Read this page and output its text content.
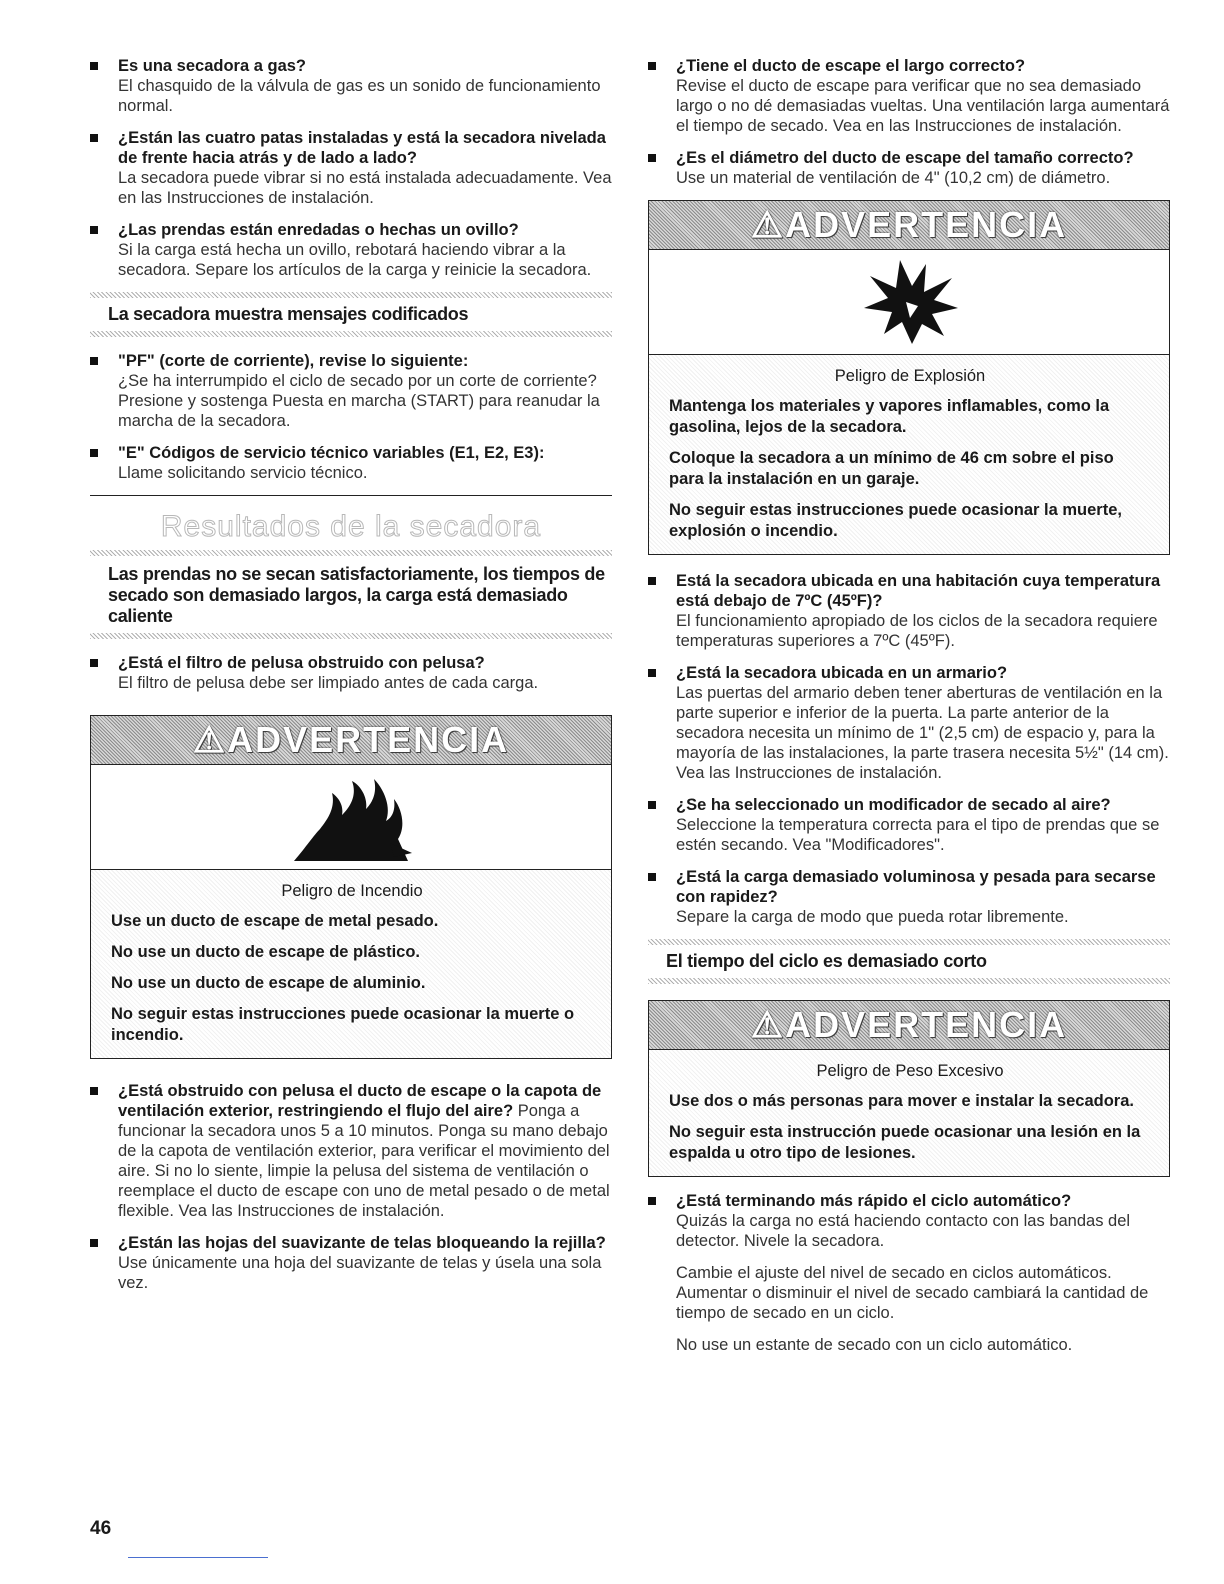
Es una secadora a gas?
El chasquido de la válvula de gas es un sonido de funcionamiento normal.
¿Están las cuatro patas instaladas y está la secadora nivelada de frente hacia atrás y de lado a lado?
La secadora puede vibrar si no está instalada adecuadamente. Vea en las Instrucciones de instalación.
¿Las prendas están enredadas o hechas un ovillo?
Si la carga está hecha un ovillo, rebotará haciendo vibrar a la secadora. Separe los artículos de la carga y reinicie la secadora.
La secadora muestra mensajes codificados
"PF" (corte de corriente), revise lo siguiente:
¿Se ha interrumpido el ciclo de secado por un corte de corriente? Presione y sostenga Puesta en marcha (START) para reanudar la marcha de la secadora.
"E" Códigos de servicio técnico variables (E1, E2, E3):
Llame solicitando servicio técnico.
Resultados de la secadora
Las prendas no se secan satisfactoriamente, los tiempos de secado son demasiado largos, la carga está demasiado caliente
¿Está el filtro de pelusa obstruido con pelusa?
El filtro de pelusa debe ser limpiado antes de cada carga.
⚠ADVERTENCIA
Peligro de Incendio
Use un ducto de escape de metal pesado.
No use un ducto de escape de plástico.
No use un ducto de escape de aluminio.
No seguir estas instrucciones puede ocasionar la muerte o incendio.
¿Está obstruido con pelusa el ducto de escape o la capota de ventilación exterior, restringiendo el flujo del aire? Ponga a funcionar la secadora unos 5 a 10 minutos. Ponga su mano debajo de la capota de ventilación exterior, para verificar el movimiento del aire. Si no lo siente, limpie la pelusa del sistema de ventilación o reemplace el ducto de escape con uno de metal pesado o de metal flexible. Vea las Instrucciones de instalación.
¿Están las hojas del suavizante de telas bloqueando la rejilla?
Use únicamente una hoja del suavizante de telas y úsela una sola vez.
¿Tiene el ducto de escape el largo correcto?
Revise el ducto de escape para verificar que no sea demasiado largo o no dé demasiadas vueltas. Una ventilación larga aumentará el tiempo de secado. Vea en las Instrucciones de instalación.
¿Es el diámetro del ducto de escape del tamaño correcto?
Use un material de ventilación de 4" (10,2 cm) de diámetro.
⚠ADVERTENCIA
Peligro de Explosión
Mantenga los materiales y vapores inflamables, como la gasolina, lejos de la secadora.
Coloque la secadora a un mínimo de 46 cm sobre el piso para la instalación en un garaje.
No seguir estas instrucciones puede ocasionar la muerte, explosión o incendio.
Está la secadora ubicada en una habitación cuya temperatura está debajo de 7ºC (45ºF)?
El funcionamiento apropiado de los ciclos de la secadora requiere temperaturas superiores a 7ºC (45ºF).
¿Está la secadora ubicada en un armario?
Las puertas del armario deben tener aberturas de ventilación en la parte superior e inferior de la puerta. La parte anterior de la secadora necesita un mínimo de 1" (2,5 cm) de espacio y, para la mayoría de las instalaciones, la parte trasera necesita 5½" (14 cm). Vea las Instrucciones de instalación.
¿Se ha seleccionado un modificador de secado al aire?
Seleccione la temperatura correcta para el tipo de prendas que se estén secando. Vea "Modificadores".
¿Está la carga demasiado voluminosa y pesada para secarse con rapidez?
Separe la carga de modo que pueda rotar libremente.
El tiempo del ciclo es demasiado corto
⚠ADVERTENCIA
Peligro de Peso Excesivo
Use dos o más personas para mover e instalar la secadora.
No seguir esta instrucción puede ocasionar una lesión en la espalda u otro tipo de lesiones.
¿Está terminando más rápido el ciclo automático?
Quizás la carga no está haciendo contacto con las bandas del detector. Nivele la secadora.
Cambie el ajuste del nivel de secado en ciclos automáticos. Aumentar o disminuir el nivel de secado cambiará la cantidad de tiempo de secado en un ciclo.
No use un estante de secado con un ciclo automático.
46
